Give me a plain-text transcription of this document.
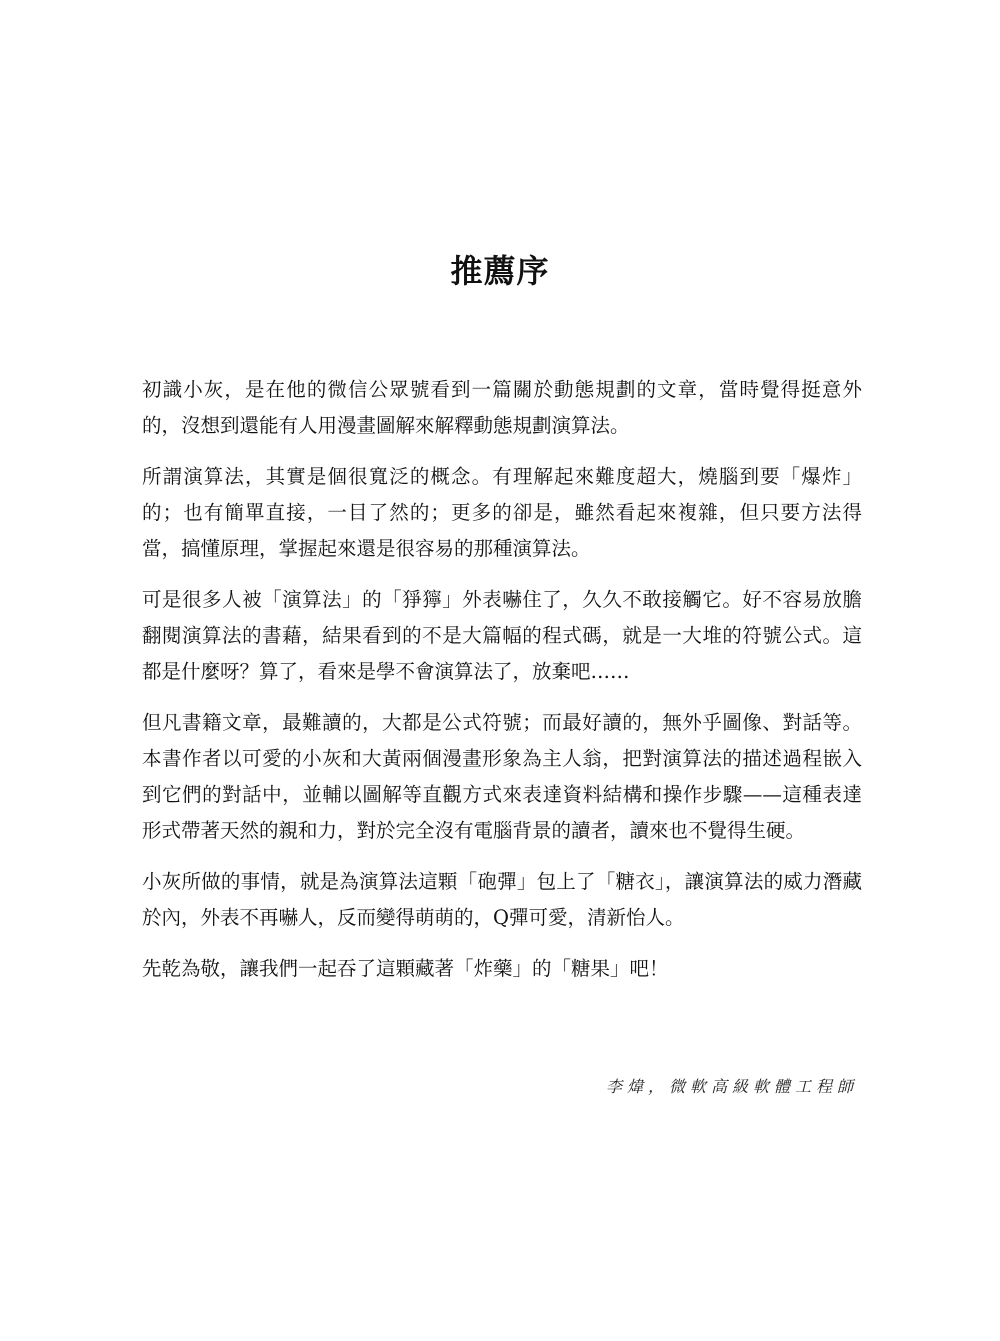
推薦序

初識小灰，是在他的微信公眾號看到一篇關於動態規劃的文章，當時覺得挺意外的，沒想到還能有人用漫畫圖解來解釋動態規劃演算法。

所謂演算法，其實是個很寬泛的概念。有理解起來難度超大，燒腦到要「爆炸」的；也有簡單直接，一目了然的；更多的卻是，雖然看起來複雜，但只要方法得當，搞懂原理，掌握起來還是很容易的那種演算法。

可是很多人被「演算法」的「猙獰」外表嚇住了，久久不敢接觸它。好不容易放膽翻閱演算法的書藉，結果看到的不是大篇幅的程式碼，就是一大堆的符號公式。這都是什麼呀？算了，看來是學不會演算法了，放棄吧……

但凡書籍文章，最難讀的，大都是公式符號；而最好讀的，無外乎圖像、對話等。本書作者以可愛的小灰和大黃兩個漫畫形象為主人翁，把對演算法的描述過程嵌入到它們的對話中，並輔以圖解等直觀方式來表達資料結構和操作步驟——這種表達形式帶著天然的親和力，對於完全沒有電腦背景的讀者，讀來也不覺得生硬。

小灰所做的事情，就是為演算法這顆「砲彈」包上了「糖衣」，讓演算法的威力潛藏於內，外表不再嚇人，反而變得萌萌的，Q彈可愛，清新怡人。

先乾為敬，讓我們一起吞了這顆藏著「炸藥」的「糖果」吧！

李煒，微軟高級軟體工程師
